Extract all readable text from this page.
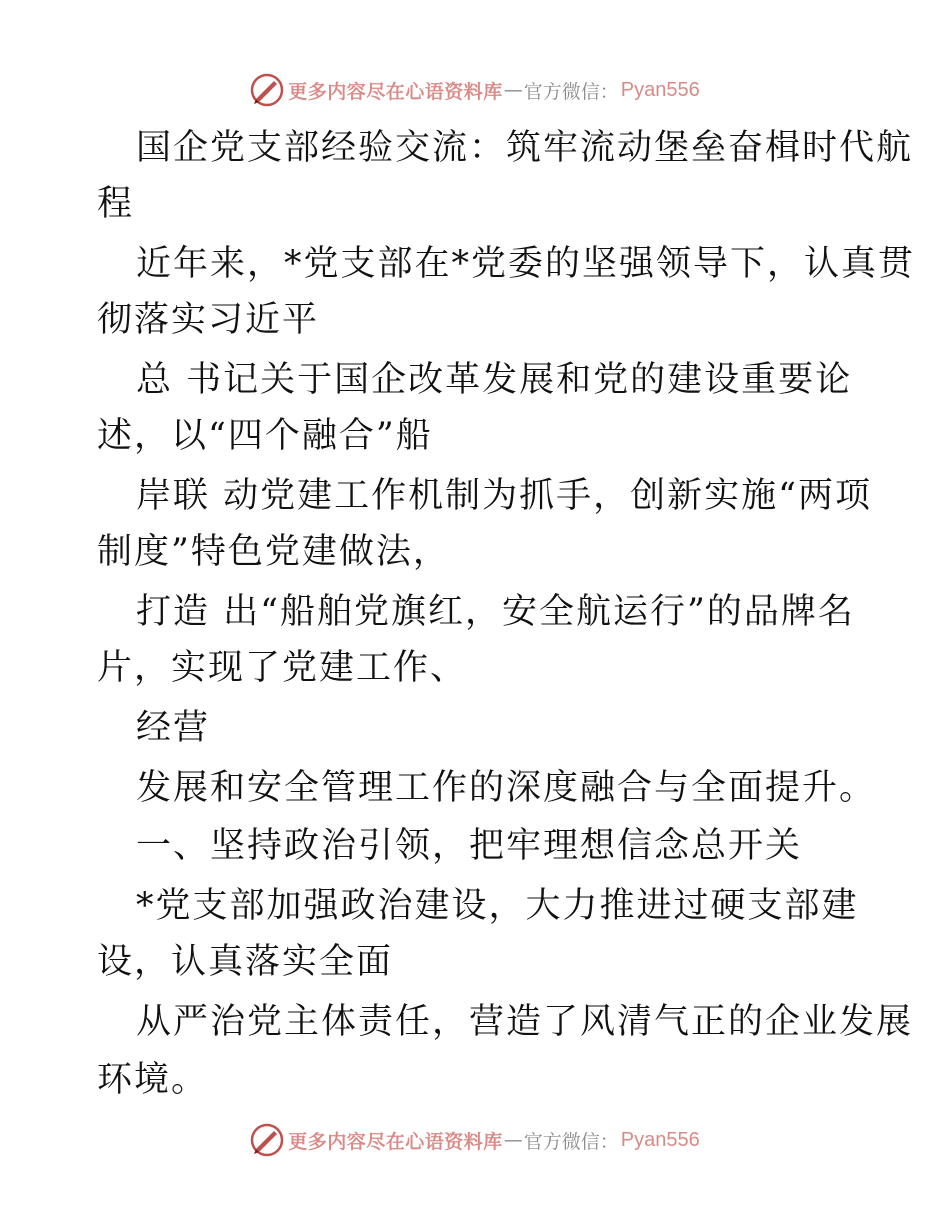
更多内容尽在心语资料库 — 官方微信： Pyan556
国企党支部经验交流：筑牢流动堡垒奋楫时代航
程
近年来，*党支部在*党委的坚强领导下，认真贯
彻落实习近平
总 书记关于国企改革发展和党的建设重要论
述，以“四个融合”船
岸联 动党建工作机制为抓手，创新实施“两项
制度”特色党建做法，
打造 出“船舶党旗红，安全航运行”的品牌名
片，实现了党建工作、
经营
发展和安全管理工作的深度融合与全面提升。
一、坚持政治引领，把牢理想信念总开关
*党支部加强政治建设，大力推进过硬支部建
设，认真落实全面
从严治党主体责任，营造了风清气正的企业发展
环境。
更多内容尽在心语资料库 — 官方微信： Pyan556
